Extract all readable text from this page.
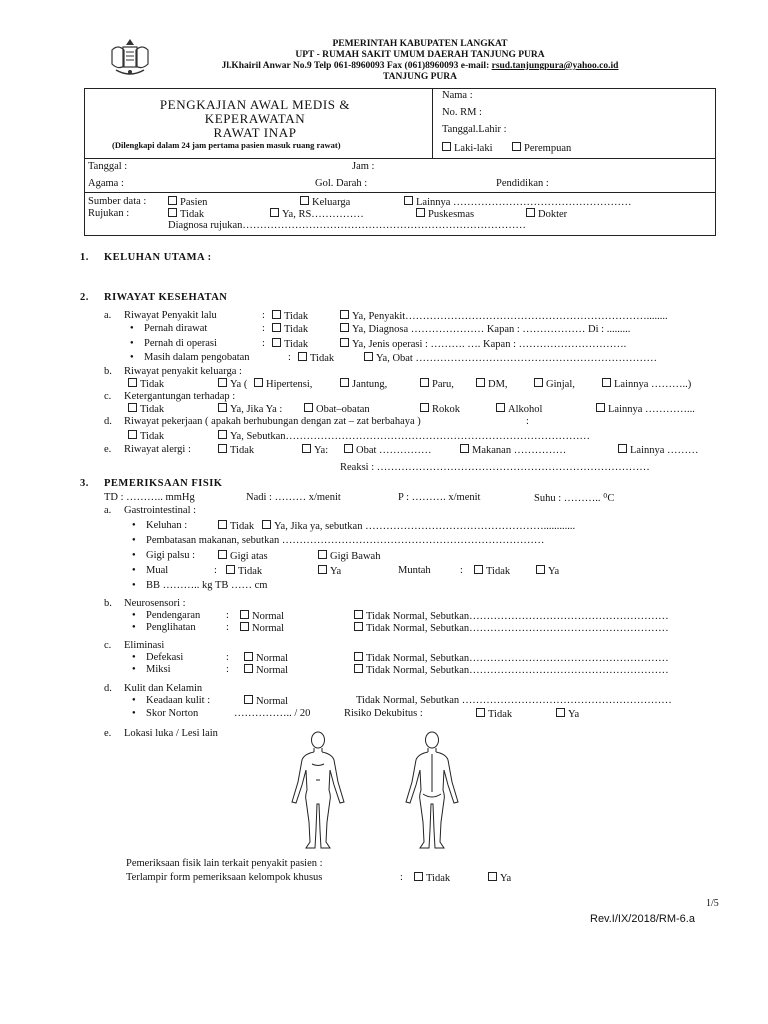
PEMERINTAH KABUPATEN LANGKAT
UPT - RUMAH SAKIT UMUM DAERAH TANJUNG PURA
Jl.Khairil Anwar No.9 Telp 061-8960093 Fax (061)8960093 e-mail: rsud.tanjungpura@yahoo.co.id
TANJUNG PURA
PENGKAJIAN AWAL MEDIS &
KEPERAWATAN
RAWAT INAP
(Dilengkapi dalam 24 jam pertama pasien masuk ruang rawat)
Nama :
No. RM :
Tanggal.Lahir :
Laki-laki	Perempuan
Tanggal :	Jam :
Agama :	Gol. Darah :	Pendidikan :
Sumber data :	Pasien	Keluarga	Lainnya ……………………………………………
Rujukan :	Tidak	Ya, RS……………	Puskesmas	Dokter
Diagnosa rujukan………………………………………………………………………
1. KELUHAN UTAMA :
2. RIWAYAT KESEHATAN
a. Riwayat Penyakit lalu	:	Tidak	Ya, Penyakit……………………………………………………………........
● Pernah dirawat	:	Tidak	Ya, Diagnosa ………………… Kapan : ……………… Di : .........
● Pernah di operasi	:	Tidak	Ya, Jenis operasi : ………. …. Kapan : ………………………….
● Masih dalam pengobatan	:	Tidak	Ya, Obat ……………………………………………………………
b. Riwayat penyakit keluarga :
Tidak	Ya (	Hipertensi,	Jantung,	Paru,	DM,	Ginjal,	Lainnya ………..)
c. Ketergantungan terhadap :
Tidak	Ya, Jika Ya :	Obat–obatan	Rokok	Alkohol	Lainnya …………...
d. Riwayat pekerjaan ( apakah berhubungan dengan zat – zat berbahaya )	:
Tidak	Ya, Sebutkan……………………………………………………………………………
e. Riwayat alergi :	Tidak	Ya:	Obat ……………	Makanan ……………	Lainnya ………
Reaksi : ……………………………………………………………………
3. PEMERIKSAAN FISIK
TD : ……….. mmHg	Nadi : ……… x/menit	P : ………. x/menit	Suhu : ……….. ⁰C
a. Gastrointestinal :
● Keluhan :	Tidak	Ya, Jika ya, sebutkan ……………………………………………............
● Pembatasan makanan, sebutkan …………………………………………………………………
● Gigi palsu :	Gigi atas	Gigi Bawah
● Mual	:	Tidak	Ya	Muntah	:	Tidak	Ya
● BB ……….. kg TB …… cm
b. Neurosensori :
● Pendengaran :	Normal	Tidak Normal, Sebutkan…………………………………………………
● Penglihatan	:	Normal	Tidak Normal, Sebutkan…………………………………………………
c. Eliminasi
● Defekasi	:	Normal	Tidak Normal, Sebutkan…………………………………………………
● Miksi	:	Normal	Tidak Normal, Sebutkan…………………………………………………
d. Kulit dan Kelamin
● Keadaan kulit :	Normal	Tidak Normal, Sebutkan ……………………………………………………
● Skor Norton	…………….. / 20	Risiko Dekubitus :	Tidak	Ya
e. Lokasi luka / Lesi lain
Pemeriksaan fisik lain terkait penyakit pasien :
Terlampir form pemeriksaan kelompok khusus	:	Tidak	Ya
1/5
Rev.I/IX/2018/RM-6.a
